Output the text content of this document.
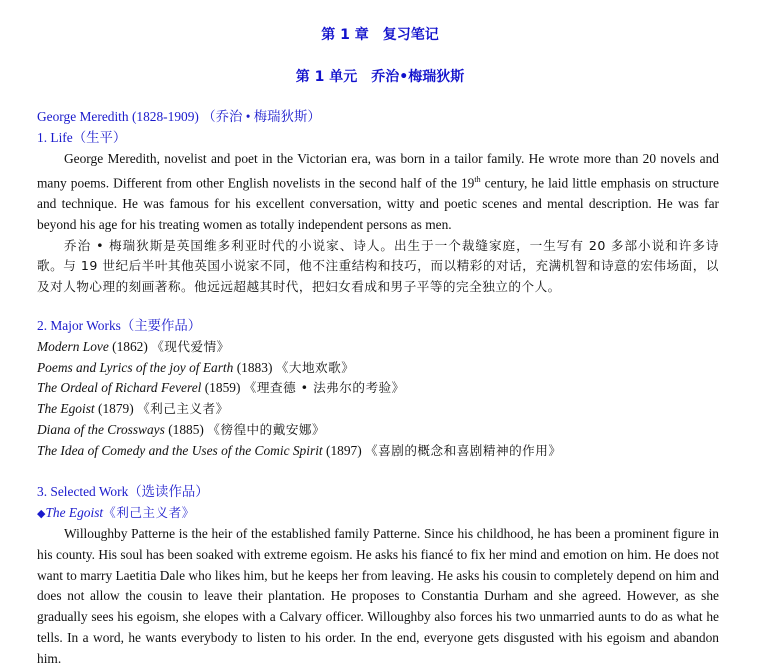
第 1 章　复习笔记
第 1 单元　乔治•梅瑞狄斯
George Meredith (1828-1909) （乔治 • 梅瑞狄斯）
1. Life（生平）

George Meredith, novelist and poet in the Victorian era, was born in a tailor family. He wrote more than 20 novels and many poems. Different from other English novelists in the second half of the 19th century, he laid little emphasis on structure and technique. He was famous for his excellent conversation, witty and poetic scenes and mental description. He was far beyond his age for his treating women as totally independent persons as men.

乔治 • 梅瑞狄斯是英国维多利亚时代的小说家、诗人。出生于一个裁缝家庭，一生写有 20 多部小说和许多诗歌。与 19 世纪后半叶其他英国小说家不同，他不注重结构和技巧，而以精彩的对话，充满机智和诗意的宏伟场面，以及对人物心理的刻画著称。他远远超越其时代，把妇女看成和男子平等的完全独立的个人。

2. Major Works（主要作品）
Modern Love (1862) 《现代爱情》
Poems and Lyrics of the joy of Earth (1883) 《大地欢歌》
The Ordeal of Richard Feverel (1859) 《理查德 • 法弗尔的考验》
The Egoist (1879) 《利己主义者》
Diana of the Crossways (1885) 《徬徨中的戴安娜》
The Idea of Comedy and the Uses of the Comic Spirit (1897) 《喜剧的概念和喜剧精神的作用》
3. Selected Work（选读作品）
◆The Egoist《利己主义者》

Willoughby Patterne is the heir of the established family Patterne. Since his childhood, he has been a prominent figure in his county. His soul has been soaked with extreme egoism. He asks his fiancé to fix her mind and emotion on him. He does not want to marry Laetitia Dale who likes him, but he keeps her from leaving. He asks his cousin to completely depend on him and does not allow the cousin to leave their plantation. He proposes to Constantia Durham and she agreed. However, as she gradually sees his egoism, she elopes with a Calvary officer. Willoughby also forces his two unmarried aunts to do as what he tells. In a word, he wants everybody to listen to his order. In the end, everyone gets disgusted with his egoism and abandon him.
